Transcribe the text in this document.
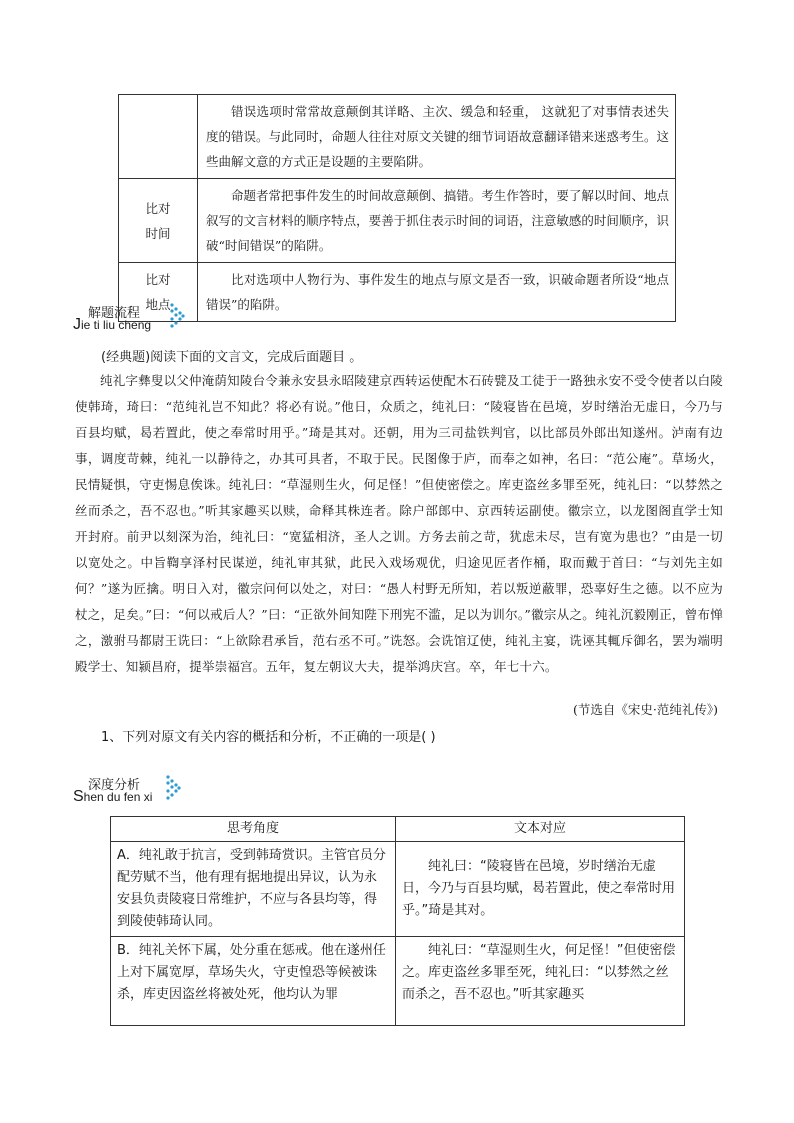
	错误选项时常常故意颠倒其详略、主次、缓急和轻重， 这就犯了对事情表述失度的错误。与此同时，命题人往往对原文关键的细节词语故意翻译错来迷惑考生。这些曲解文意的方式正是设题的主要陷阱。

比对
时间	命题者常把事件发生的时间故意颠倒、搞错。考生作答时，要了解以时间、地点叙写的文言材料的顺序特点，要善于抓住表示时间的词语，注意敏感的时间顺序，识破“时间错误”的陷阱。

比对
地点	比对选项中人物行为、事件发生的地点与原文是否一致，识破命题者所设“地点错误”的陷阱。
解题流程
Jie ti liu cheng
(经典题)阅读下面的文言文，完成后面题目 。
纯礼字彝叟以父仲淹荫知陵台令兼永安县永昭陵建京西转运使配木石砖甓及工徒于一路独永安不受令使者以白陵使韩琦，琦曰：“范纯礼岂不知此？将必有说。”他日，众质之，纯礼曰：“陵寝皆在邑境，岁时缮治无虚日，今乃与百县均赋，曷若置此，使之奉常时用乎。”琦是其对。还朝，用为三司盐铁判官，以比部员外郎出知遂州。泸南有边事，调度苛棘，纯礼一以静待之，办其可具者，不取于民。民图像于庐，而奉之如神，名曰：“范公庵”。草场火，民情疑惧，守吏惕息俟诛。纯礼曰：“草湿则生火，何足怪！”但使密偿之。库吏盗丝多罪至死，纯礼曰：“以棼然之丝而杀之，吾不忍也。”听其家趣买以赎，命释其株连者。除户部郎中、京西转运副使。徽宗立，以龙图阁直学士知开封府。前尹以刻深为治，纯礼曰：“宽猛相济，圣人之训。方务去前之苛，犹虑未尽，岂有宽为患也？”由是一切以宽处之。中旨鞫享泽村民谋逆，纯礼审其狱，此民入戏场观优，归途见匠者作桶，取而戴于首曰：“与刘先主如何？”遂为匠擒。明日入对，徽宗问何以处之，对曰：“愚人村野无所知，若以叛逆蔽罪，恐辜好生之德。以不应为杖之，足矣。”曰：“何以戒后人？”曰：“正欲外间知陛下刑宪不滥，足以为训尔。”徽宗从之。纯礼沉毅刚正，曾布惮之，激驸马都尉王诜曰：“上欲除君承旨，范右丞不可。”诜怒。会诜馆辽使，纯礼主宴，诜诬其輒斥御名，罢为端明殿学士、知颍昌府，提举崇福宫。五年，复左朝议大夫，提举鸿庆宫。卒，年七十六。
(节选自《宋史·范纯礼传》)
1、下列对原文有关内容的概括和分析，不正确的一项是( )
深度分析
Shen du fen xi
思考角度	文本对应
A．纯礼敢于抗言，受到韩琦赏识。主管官员分配劳赋不当，他有理有据地提出异议，认为永安县负责陵寝日常维护，不应与各县均等，得到陵使韩琦认同。	纯礼曰：“陵寝皆在邑境，岁时缮治无虚日，今乃与百县均赋，曷若置此，使之奉常时用乎。”琦是其对。

B．纯礼关怀下属，处分重在惩戒。他在遂州任上对下属宽厚，草场失火，守吏惶恐等候被诛杀，库吏因盗丝将被处死，他均认为罪	纯礼曰：“草湿则生火，何足怪！”但使密偿之。库吏盗丝多罪至死，纯礼曰：“以棼然之丝而杀之，吾不忍也。”听其家趣买
